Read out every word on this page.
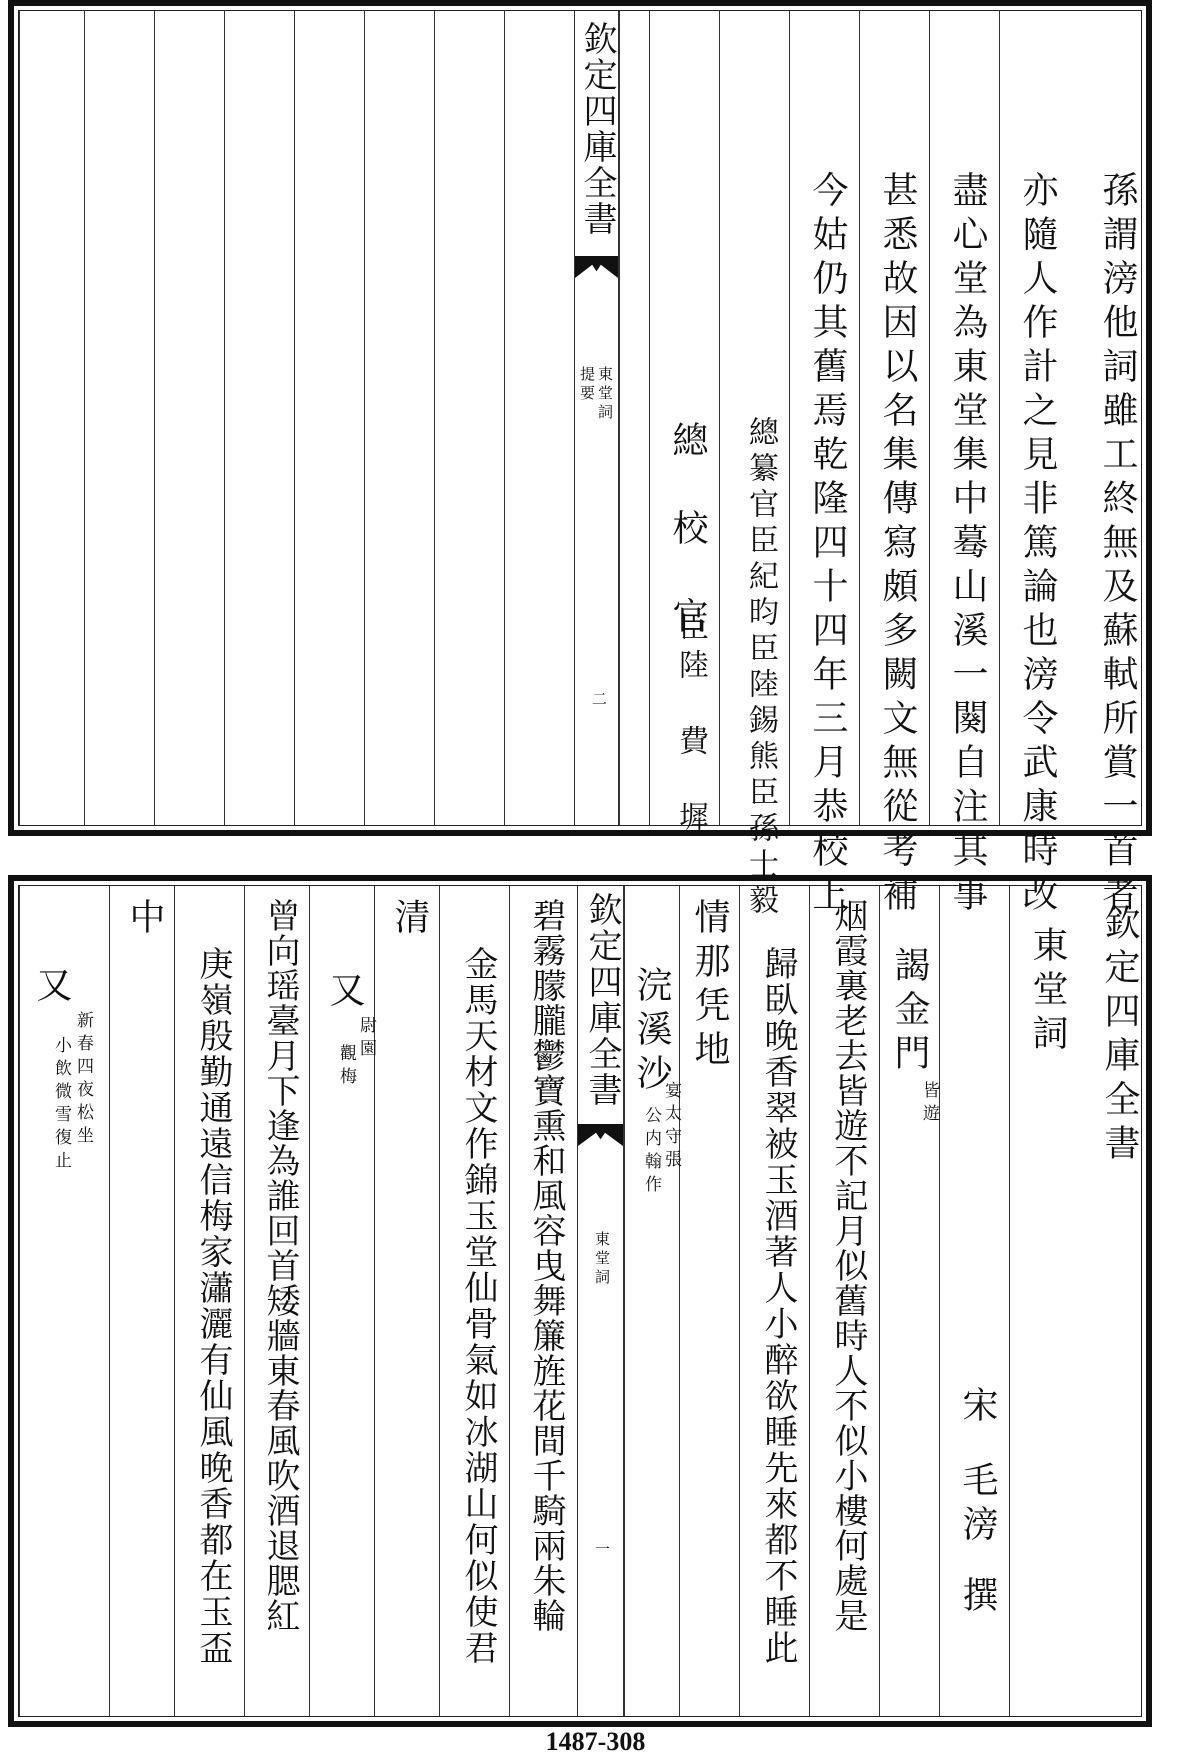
孫謂滂他詞雖工終無及蘇軾所賞一首者
亦隨人作計之見非篤論也滂令武康時改
盡心堂為東堂集中蓦山溪一闋自注其事
甚悉故因以名集傳寫頗多闕文無從考補
今姑仍其舊焉乾隆四十四年三月恭校上
總纂官臣紀昀臣陸錫熊臣孫士毅
總　校　官
臣陸　費　墀
欽定四庫全書
東堂詞
提要
二
欽定四庫全書
東堂詞
宋
毛滂
撰
謁金門
皆遊
烟霞裏老去皆遊不記月似舊時人不似小樓何處是
歸臥晚香翠被玉酒著人小醉欲睡先來都不睡此
情那凭地
浣溪沙
宴太守張
公内翰作
欽定四庫全書
東堂詞
一
碧霧朦朧鬱寶熏和風容曳舞簾旌花間千騎兩朱輪
金馬天材文作錦玉堂仙骨氣如冰湖山何似使君
清
又
尉園
觀梅
曾向瑶臺月下逢為誰回首矮牆東春風吹酒退腮紅
庚嶺殷勤通遠信梅家瀟灑有仙風晚香都在玉盃
中
又
新春四夜松坐
小飲微雪復止
1487-308
